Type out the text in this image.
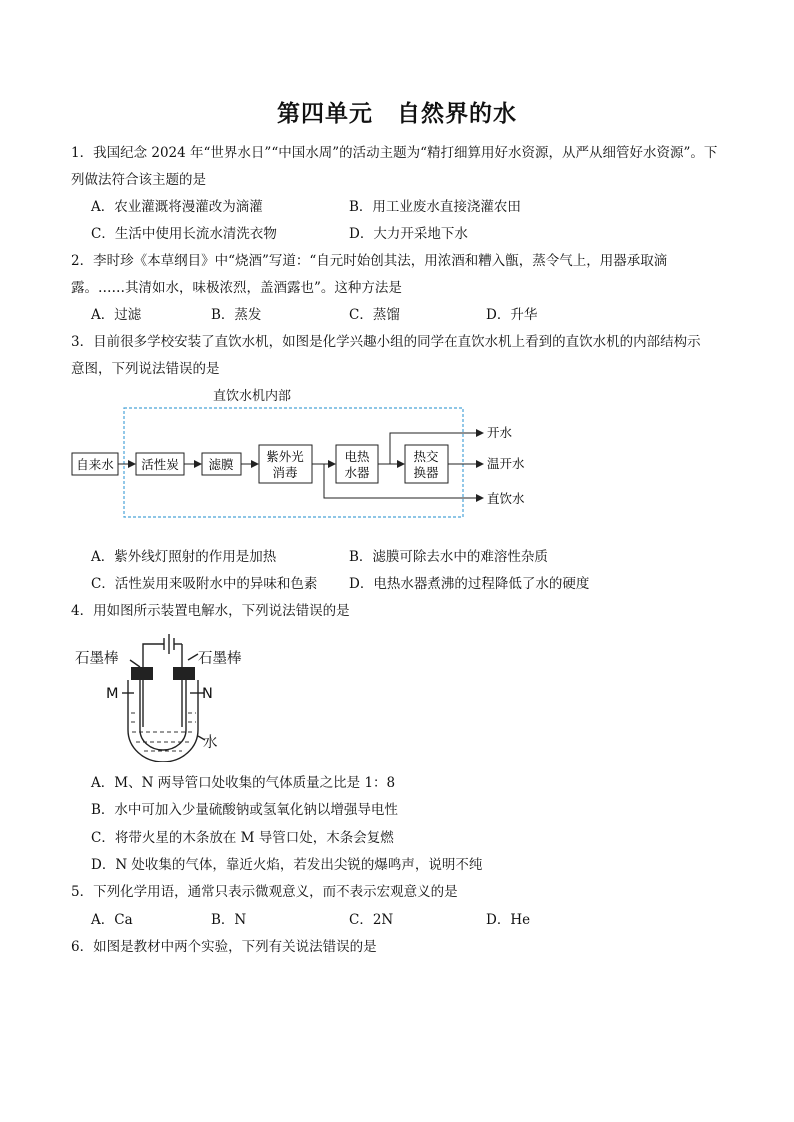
第四单元　自然界的水
1．我国纪念 2024 年“世界水日”“中国水周”的活动主题为“精打细算用好水资源，从严从细管好水资源”。下
列做法符合该主题的是
A．农业灌溉将漫灌改为滴灌	B．用工业废水直接浇灌农田
C．生活中使用长流水清洗衣物	D．大力开采地下水
2．李时珍《本草纲目》中“烧酒”写道：“自元时始创其法，用浓酒和糟入甑，蒸令气上，用器承取滴
露。……其清如水，味极浓烈，盖酒露也”。这种方法是
A．过滤	B．蒸发	C．蒸馏	D．升华
3．目前很多学校安装了直饮水机，如图是化学兴趣小组的同学在直饮水机上看到的直饮水机的内部结构示
意图，下列说法错误的是
直饮水机内部
自来水 活性炭 滤膜
紫外光
消毒
电热
水器
热交
换器
开水
温开水
直饮水
A．紫外线灯照射的作用是加热	B．滤膜可除去水中的难溶性杂质
C．活性炭用来吸附水中的异味和色素 D．电热水器煮沸的过程降低了水的硬度
4．用如图所示装置电解水，下列说法错误的是
石墨棒	石墨棒
M	N
水
A．M、N 两导管口处收集的气体质量之比是 1：8
B．水中可加入少量硫酸钠或氢氧化钠以增强导电性
C．将带火星的木条放在 M 导管口处，木条会复燃
D．N 处收集的气体，靠近火焰，若发出尖锐的爆鸣声，说明不纯
5．下列化学用语，通常只表示微观意义，而不表示宏观意义的是
A．Ca	B．N	C．2N	D．He
6．如图是教材中两个实验，下列有关说法错误的是
